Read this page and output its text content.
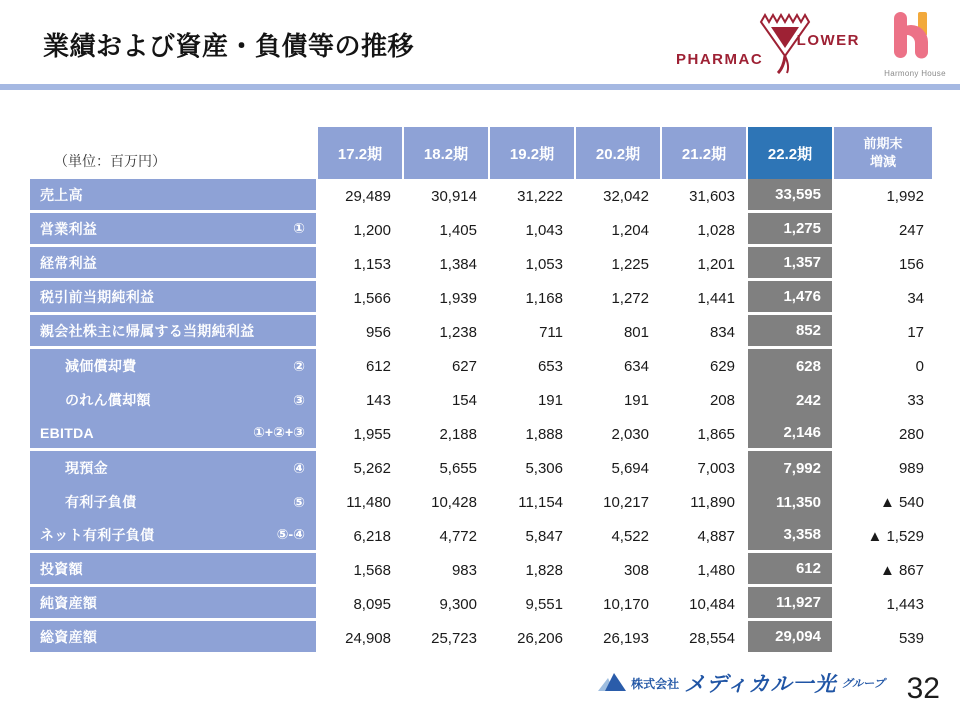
業績および資産・負債等の推移	PHARMAC
LOWER
Harmony House
（単位：百万円）	17.2期	18.2期	19.2期	20.2期	21.2期	22.2期	前期末
増減

売上高	29,489	30,914	31,222	32,042	31,603	33,595	1,992

営業利益 ①	1,200	1,405	1,043	1,204	1,028	1,275	247

経常利益	1,153	1,384	1,053	1,225	1,201	1,357	156

税引前当期純利益	1,566	1,939	1,168	1,272	1,441	1,476	34

親会社株主に帰属する当期純利益	956	1,238	711	801	834	852	17

減価償却費 ②	612	627	653	634	629	628	0

のれん償却額 ③	143	154	191	191	208	242	33

EBITDA ①+②+③	1,955	2,188	1,888	2,030	1,865	2,146	280

現預金 ④	5,262	5,655	5,306	5,694	7,003	7,992	989

有利子負債 ⑤	11,480	10,428	11,154	10,217	11,890	11,350	▲ 540

ネット有利子負債 ⑤-④	6,218	4,772	5,847	4,522	4,887	3,358	▲ 1,529

投資額	1,568	983	1,828	308	1,480	612	▲ 867

純資産額	8,095	9,300	9,551	10,170	10,484	11,927	1,443

総資産額	24,908	25,723	26,206	26,193	28,554	29,094	539
株式会社 メディカル一光 グループ 32
